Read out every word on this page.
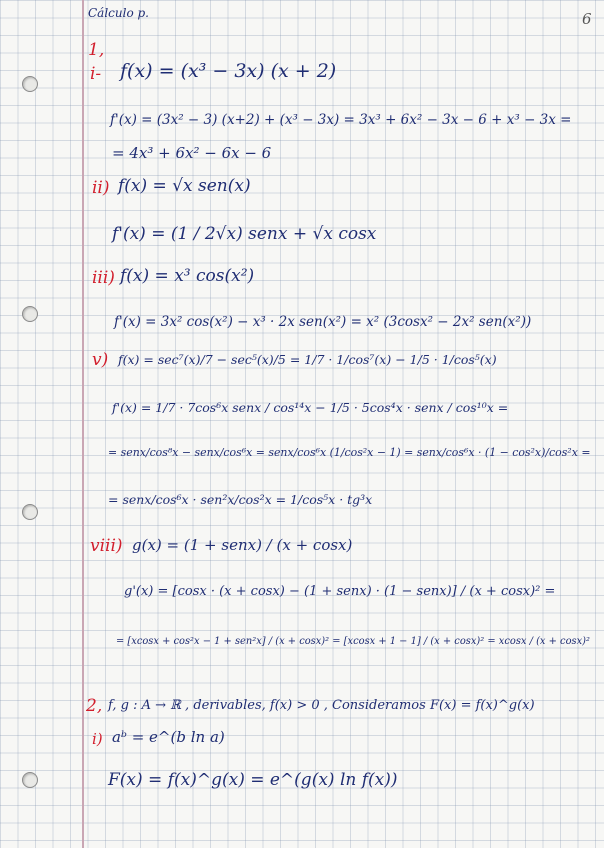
Cálculo p.	6
1,
i- f(x) = (x³ − 3x) (x + 2)
f'(x) = (3x² − 3) (x+2) + (x³ − 3x) = 3x³ + 6x² − 3x − 6 + x³ − 3x =
= 4x³ + 6x² − 6x − 6
ii) f(x) = √x sen(x)
f'(x) = (1 / 2√x) senx + √x cosx
iii) f(x) = x³ cos(x²)
f'(x) = 3x² cos(x²) − x³ · 2x sen(x²) = x² (3cosx² − 2x² sen(x²))
v) f(x) = sec⁷(x)/7 − sec⁵(x)/5 = 1/7 · 1/cos⁷(x) − 1/5 · 1/cos⁵(x)
f'(x) = 1/7 · 7cos⁶x senx / cos¹⁴x − 1/5 · 5cos⁴x · senx / cos¹⁰x =
= senx/cos⁸x − senx/cos⁶x = senx/cos⁶x (1/cos²x − 1) = senx/cos⁶x · (1 − cos²x)/cos²x =
= senx/cos⁶x · sen²x/cos²x = 1/cos⁵x · tg³x
viii) g(x) = (1 + senx) / (x + cosx)
g'(x) = [cosx · (x + cosx) − (1 + senx) · (1 − senx)] / (x + cosx)² =
= [xcosx + cos²x − 1 + sen²x] / (x + cosx)² = [xcosx + 1 − 1] / (x + cosx)² = xcosx / (x + cosx)²
2, f, g : A → ℝ , derivables, f(x) > 0 , Consideramos F(x) = f(x)^g(x)
i) aᵇ = e^(b ln a)
F(x) = f(x)^g(x) = e^(g(x) ln f(x))
